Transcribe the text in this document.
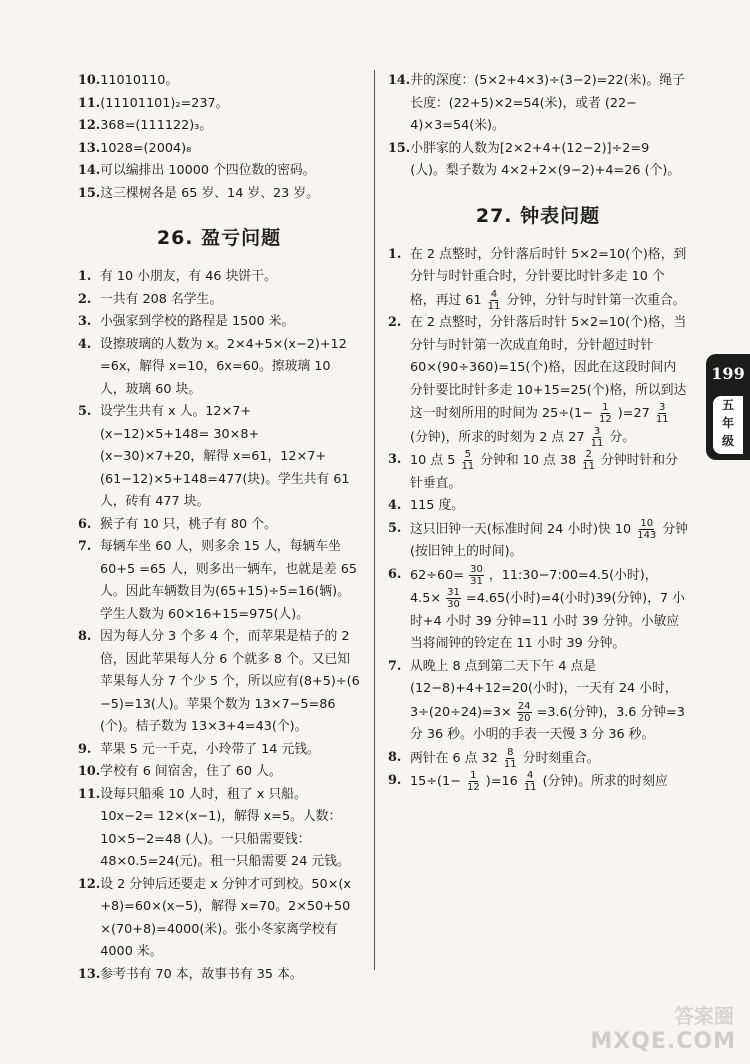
10. 11010110。
11. (11101101)₂=237。
12. 368=(111122)₃。
13. 1028=(2004)₈
14. 可以编排出 10000 个四位数的密码。
15. 这三棵树各是 65 岁、14 岁、23 岁。
26. 盈亏问题
1. 有 10 小朋友，有 46 块饼干。
2. 一共有 208 名学生。
3. 小强家到学校的路程是 1500 米。
4. 设擦玻璃的人数为 x。2×4+5×(x−2)+12 =6x，解得 x=10，6x=60。擦玻璃 10 人，玻璃 60 块。
5. 设学生共有 x 人。12×7+(x−12)×5+148= 30×8+(x−30)×7+20，解得 x=61，12×7+ (61−12)×5+148=477(块)。学生共有 61 人，砖有 477 块。
6. 猴子有 10 只，桃子有 80 个。
7. 每辆车坐 60 人，则多余 15 人，每辆车坐 60+5 =65 人，则多出一辆车，也就是差 65 人。因此车辆数目为(65+15)÷5=16(辆)。学生人数为 60×16+15=975(人)。
8. 因为每人分 3 个多 4 个，而苹果是桔子的 2 倍，因此苹果每人分 6 个就多 8 个。又已知苹果每人分 7 个少 5 个，所以应有(8+5)÷(6 −5)=13(人)。苹果个数为 13×7−5=86 (个)。桔子数为 13×3+4=43(个)。
9. 苹果 5 元一千克，小玲带了 14 元钱。
10. 学校有 6 间宿舍，住了 60 人。
11. 设每只船乘 10 人时，租了 x 只船。10x−2= 12×(x−1)，解得 x=5。人数：10×5−2=48 (人)。一只船需要钱：48×0.5=24(元)。租一只船需要 24 元钱。
12. 设 2 分钟后还要走 x 分钟才可到校。50×(x +8)=60×(x−5)，解得 x=70。2×50+50 ×(70+8)=4000(米)。张小冬家离学校有 4000 米。
13. 参考书有 70 本，故事书有 35 本。
14. 井的深度：(5×2+4×3)÷(3−2)=22(米)。绳子长度：(22+5)×2=54(米)，或者 (22− 4)×3=54(米)。
15. 小胖家的人数为[2×2+4+(12−2)]÷2=9 (人)。梨子数为 4×2+2×(9−2)+4=26 (个)。
27. 钟表问题
1. 在 2 点整时，分针落后时针 5×2=10(个)格，到分针与时针重合时，分针要比时针多走 10 个格，再过 $61 \frac{4}{11}$ 分钟，分针与时针第一次重合。
2. 在 2 点整时，分针落后时针 5×2=10(个)格，当分针与时针第一次成直角时，分针超过时针 60×(90÷360)=15(个)格，因此在这段时间内分针要比时针多走 10+15=25(个)格，所以到达这一时刻所用的时间为 $25\div(1- \frac{1}{12} )=27 \frac{3}{11}$
(分钟)，所求的时刻为 2 点 $27 \frac{3}{11}$ 分。
3. 10 点 $5 \frac{5}{11}$ 分钟和 10 点 $38 \frac{2}{11}$ 分钟时针和分针垂直。
4. 115 度。
5. 这只旧钟一天(标准时间 24 小时)快 $10 \frac{10}{143}$ 分钟(按旧钟上的时间)。
6. $62\div 60= \frac{30}{31}$ ，11:30−7:00=4.5(小时)，$4.5\times \frac{31}{30} =4.65$(小时)=4(小时)39(分钟)，7 小时+4 小时 39 分钟=11 小时 39 分钟。小敏应当将闹钟的铃定在 11 小时 39 分钟。
7. 从晚上 8 点到第二天下午 4 点是(12−8)+4+12=20(小时)，一天有 24 小时，$3\div(20\div 24)=3\times \frac{24}{20} =3.6$(分钟)，3.6 分钟=3 分 36 秒。小明的手表一天慢 3 分 36 秒。
8. 两针在 6 点 $32 \frac{8}{11}$ 分时刻重合。
9. $15\div(1- \frac{1}{12} )=16 \frac{4}{11}$ (分钟)。所求的时刻应
199
五
年
级
答案圈
MXQE.COM
